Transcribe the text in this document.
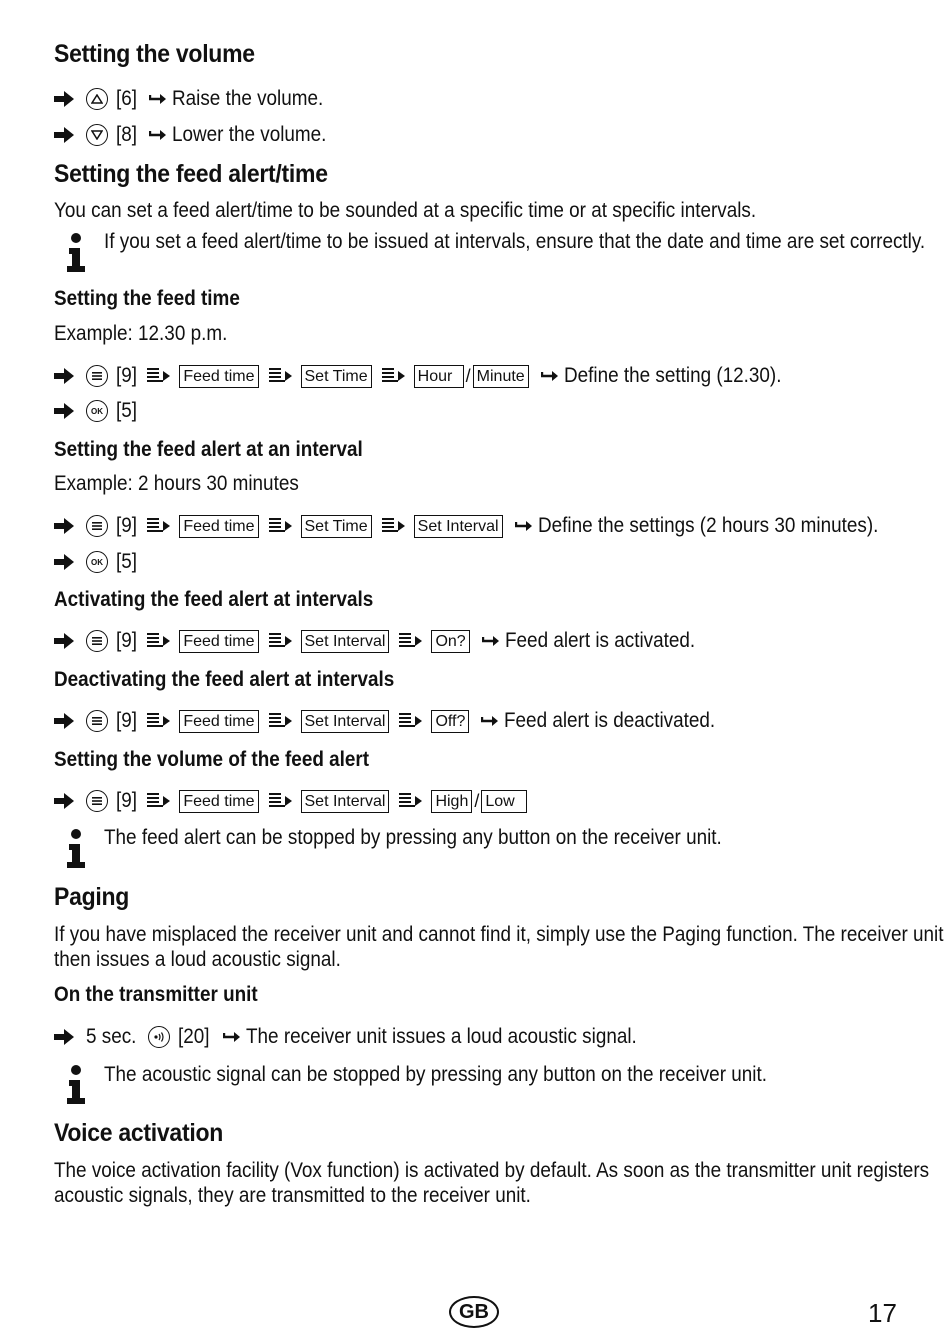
Setting the volume
[6] Raise the volume.
[8] Lower the volume.
Setting the feed alert/time
You can set a feed alert/time to be sounded at a specific time or at specific intervals.
If you set a feed alert/time to be issued at intervals, ensure that the date and time are set correctly.
Setting the feed time
Example: 12.30 p.m.
[9]	Feed time	Set Time	Hour / Minute Define the setting (12.30).
OK [5]
Setting the feed alert at an interval
Example: 2 hours 30 minutes
[9]	Feed time	Set Time	Set Interval Define the settings (2 hours 30 minutes).
OK [5]
Activating the feed alert at intervals
[9]	Feed time	Set Interval	On? Feed alert is activated.
Deactivating the feed alert at intervals
[9]	Feed time	Set Interval	Off? Feed alert is deactivated.
Setting the volume of the feed alert
[9]	Feed time	Set Interval	High / Low
The feed alert can be stopped by pressing any button on the receiver unit.
Paging
If you have misplaced the receiver unit and cannot find it, simply use the Paging function. The receiver unit
then issues a loud acoustic signal.
On the transmitter unit
5 sec. [20] The receiver unit issues a loud acoustic signal.
The acoustic signal can be stopped by pressing any button on the receiver unit.
Voice activation
The voice activation facility (Vox function) is activated by default. As soon as the transmitter unit registers
acoustic signals, they are transmitted to the receiver unit.
GB	17
